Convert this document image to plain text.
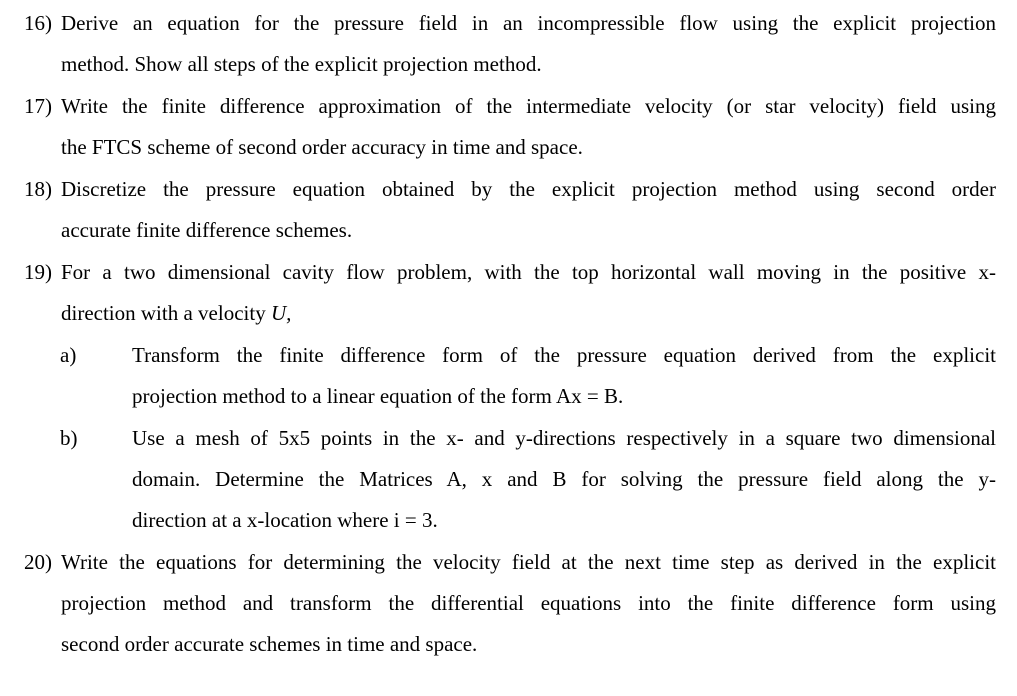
16) Derive an equation for the pressure field in an incompressible flow using the explicit projection
method. Show all steps of the explicit projection method.
17) Write the finite difference approximation of the intermediate velocity (or star velocity) field using
the FTCS scheme of second order accuracy in time and space.
18) Discretize the pressure equation obtained by the explicit projection method using second order
accurate finite difference schemes.
19) For a two dimensional cavity flow problem, with the top horizontal wall moving in the positive x-
direction with a velocity U,
a)	Transform the finite difference form of the pressure equation derived from the explicit
projection method to a linear equation of the form Ax = B.
b)	Use a mesh of 5x5 points in the x- and y-directions respectively in a square two dimensional
domain. Determine the Matrices A, x and B for solving the pressure field along the y-
direction at a x-location where i = 3.
20) Write the equations for determining the velocity field at the next time step as derived in the explicit
projection method and transform the differential equations into the finite difference form using
second order accurate schemes in time and space.
